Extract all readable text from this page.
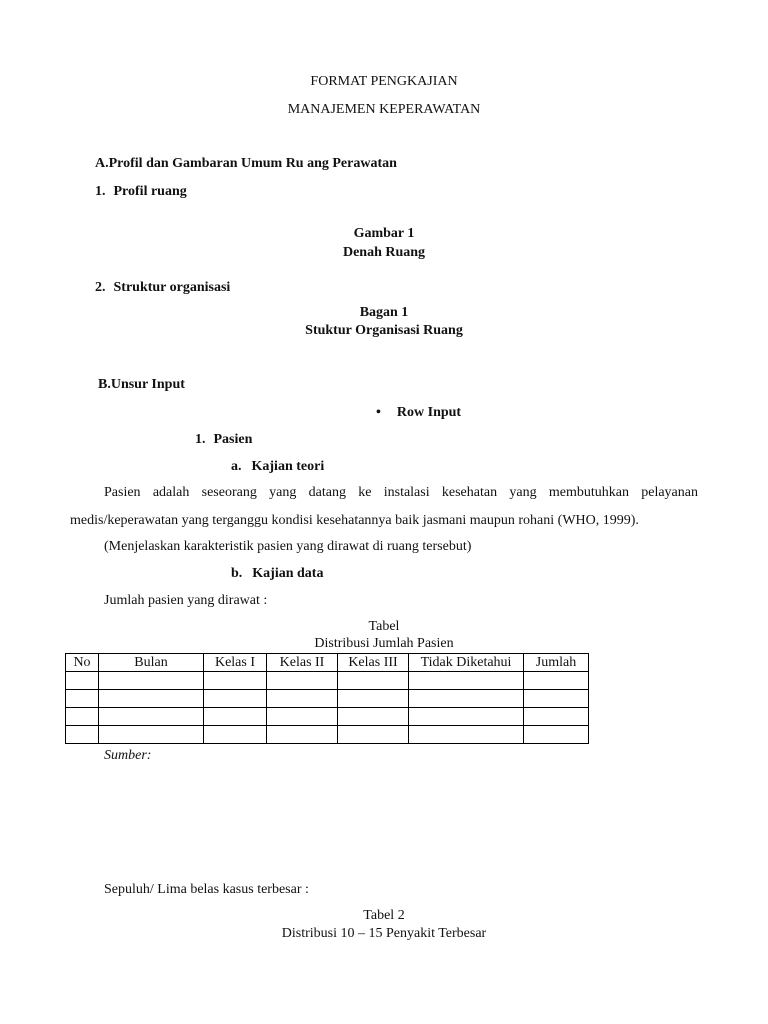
FORMAT PENGKAJIAN
MANAJEMEN KEPERAWATAN
A.Profil dan Gambaran Umum Ru ang Perawatan
1. Profil ruang
Gambar 1
Denah Ruang
2. Struktur organisasi
Bagan 1
Stuktur Organisasi Ruang
B.Unsur Input
• Row Input
1. Pasien
a. Kajian teori
Pasien adalah seseorang yang datang ke instalasi kesehatan yang membutuhkan pelayanan
medis/keperawatan yang terganggu kondisi kesehatannya baik jasmani maupun rohani (WHO, 1999).
(Menjelaskan karakteristik pasien yang dirawat di ruang tersebut)
b. Kajian data
Jumlah pasien yang dirawat :
Tabel
Distribusi Jumlah Pasien
No	Bulan	Kelas I	Kelas II	Kelas III	Tidak Diketahui	Jumlah

Sumber:
Sepuluh/ Lima belas kasus terbesar :
Tabel 2
Distribusi 10 – 15 Penyakit Terbesar
